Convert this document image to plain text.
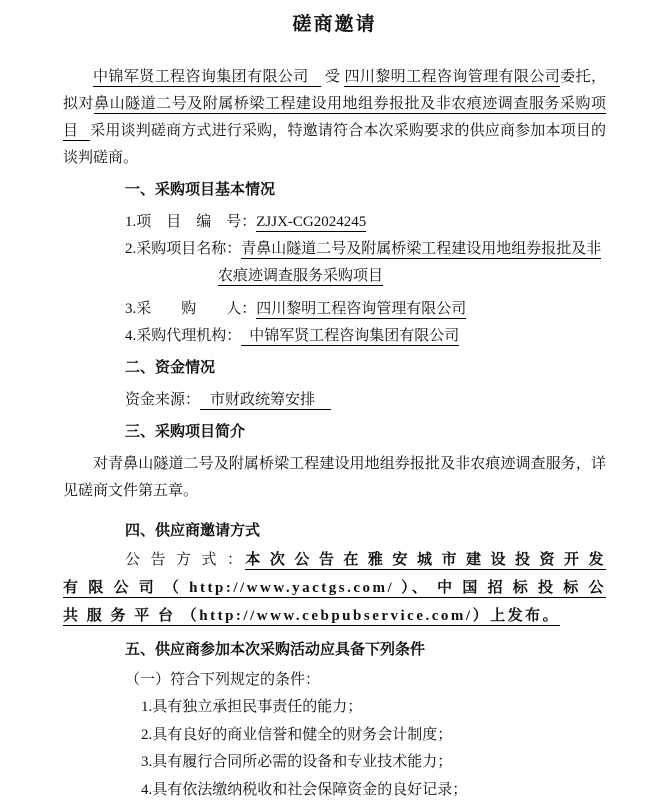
磋商邀请

中锦军贤工程咨询集团有限公司 受 四川黎明工程咨询管理有限公司委托，拟对鼻山隧道二号及附属桥梁工程建设用地组券报批及非农痕迹调查服务采购项目 采用谈判磋商方式进行采购，特邀请符合本次采购要求的供应商参加本项目的谈判磋商。

一、采购项目基本情况

1.项　目　编　号：ZJJX-CG2024245

2.采购项目名称：青鼻山隧道二号及附属桥梁工程建设用地组券报批及非农痕迹调查服务采购项目

3.采　　购　　人：四川黎明工程咨询管理有限公司

4.采购代理机构： 中锦军贤工程咨询集团有限公司

二、资金情况

资金来源： 市财政统筹安排

三、采购项目简介

对青鼻山隧道二号及附属桥梁工程建设用地组券报批及非农痕迹调查服务，详见磋商文件第五章。

四、供应商邀请方式

公 告 方 式 ：本 次 公 告 在 雅 安 城 市 建 设 投 资 开 发 有 限 公 司 （ http://www.yactgs.com/ ）、 中 国 招 标 投 标 公 共 服 务 平 台 （http://www.cebpubservice.com/）上发布。

五、供应商参加本次采购活动应具备下列条件

（一）符合下列规定的条件：

1.具有独立承担民事责任的能力；

2.具有良好的商业信誉和健全的财务会计制度；

3.具有履行合同所必需的设备和专业技术能力；

4.具有依法缴纳税收和社会保障资金的良好记录；
